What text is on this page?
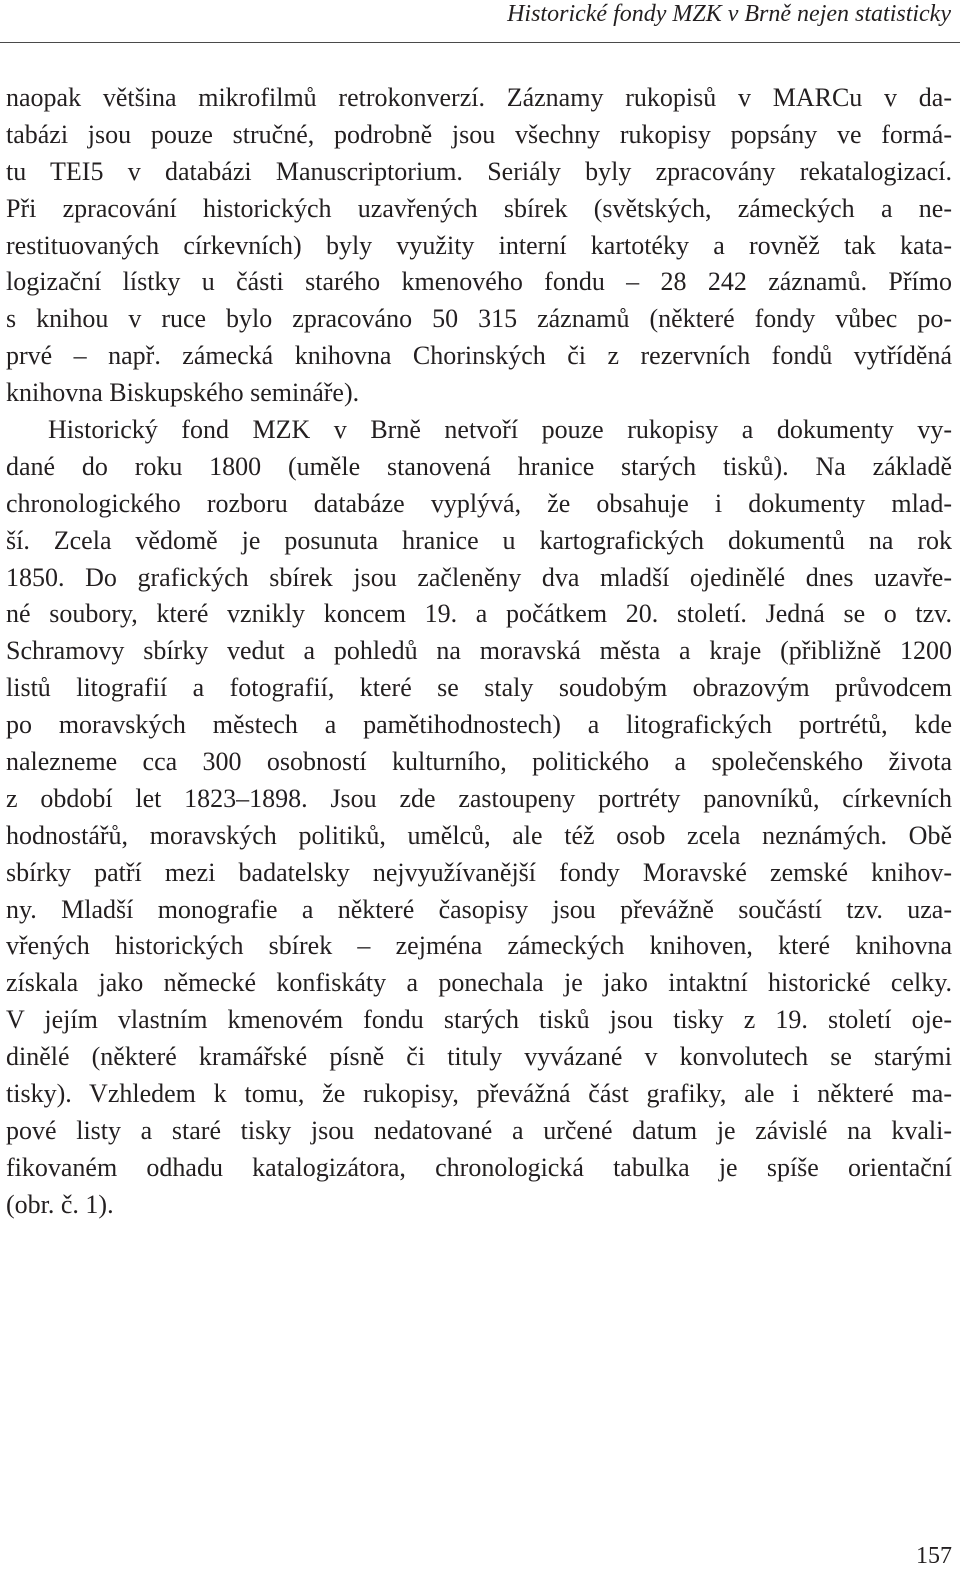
Historické fondy MZK v Brně nejen statisticky
naopak většina mikrofilmů retrokonverzí. Záznamy rukopisů v MARCu v da-
tabázi jsou pouze stručné, podrobně jsou všechny rukopisy popsány ve formá-
tu TEI5 v databázi Manuscriptorium. Seriály byly zpracovány rekatalogizací.
Při zpracování historických uzavřených sbírek (světských, zámeckých a ne-
restituovaných církevních) byly využity interní kartotéky a rovněž tak kata-
logizační lístky u části starého kmenového fondu – 28 242 záznamů. Přímo
s knihou v ruce bylo zpracováno 50 315 záznamů (některé fondy vůbec po-
prvé – např. zámecká knihovna Chorinských či z rezervních fondů vytříděná
knihovna Biskupského semináře).
Historický fond MZK v Brně netvoří pouze rukopisy a dokumenty vy-
dané do roku 1800 (uměle stanovená hranice starých tisků). Na základě
chronologického rozboru databáze vyplývá, že obsahuje i dokumenty mlad-
ší. Zcela vědomě je posunuta hranice u kartografických dokumentů na rok
1850. Do grafických sbírek jsou začleněny dva mladší ojedinělé dnes uzavře-
né soubory, které vznikly koncem 19. a počátkem 20. století. Jedná se o tzv.
Schramovy sbírky vedut a pohledů na moravská města a kraje (přibližně 1200
listů litografií a fotografií, které se staly soudobým obrazovým průvodcem
po moravských městech a pamětihodnostech) a litografických portrétů, kde
nalezneme cca 300 osobností kulturního, politického a společenského života
z období let 1823–1898. Jsou zde zastoupeny portréty panovníků, církevních
hodnostářů, moravských politiků, umělců, ale též osob zcela neznámých. Obě
sbírky patří mezi badatelsky nejvyužívanější fondy Moravské zemské knihov-
ny. Mladší monografie a některé časopisy jsou převážně součástí tzv. uza-
vřených historických sbírek – zejména zámeckých knihoven, které knihovna
získala jako německé konfiskáty a ponechala je jako intaktní historické celky.
V jejím vlastním kmenovém fondu starých tisků jsou tisky z 19. století oje-
dinělé (některé kramářské písně či tituly vyvázané v konvolutech se starými
tisky). Vzhledem k tomu, že rukopisy, převážná část grafiky, ale i některé ma-
pové listy a staré tisky jsou nedatované a určené datum je závislé na kvali-
fikovaném odhadu katalogizátora, chronologická tabulka je spíše orientační
(obr. č. 1).
157
